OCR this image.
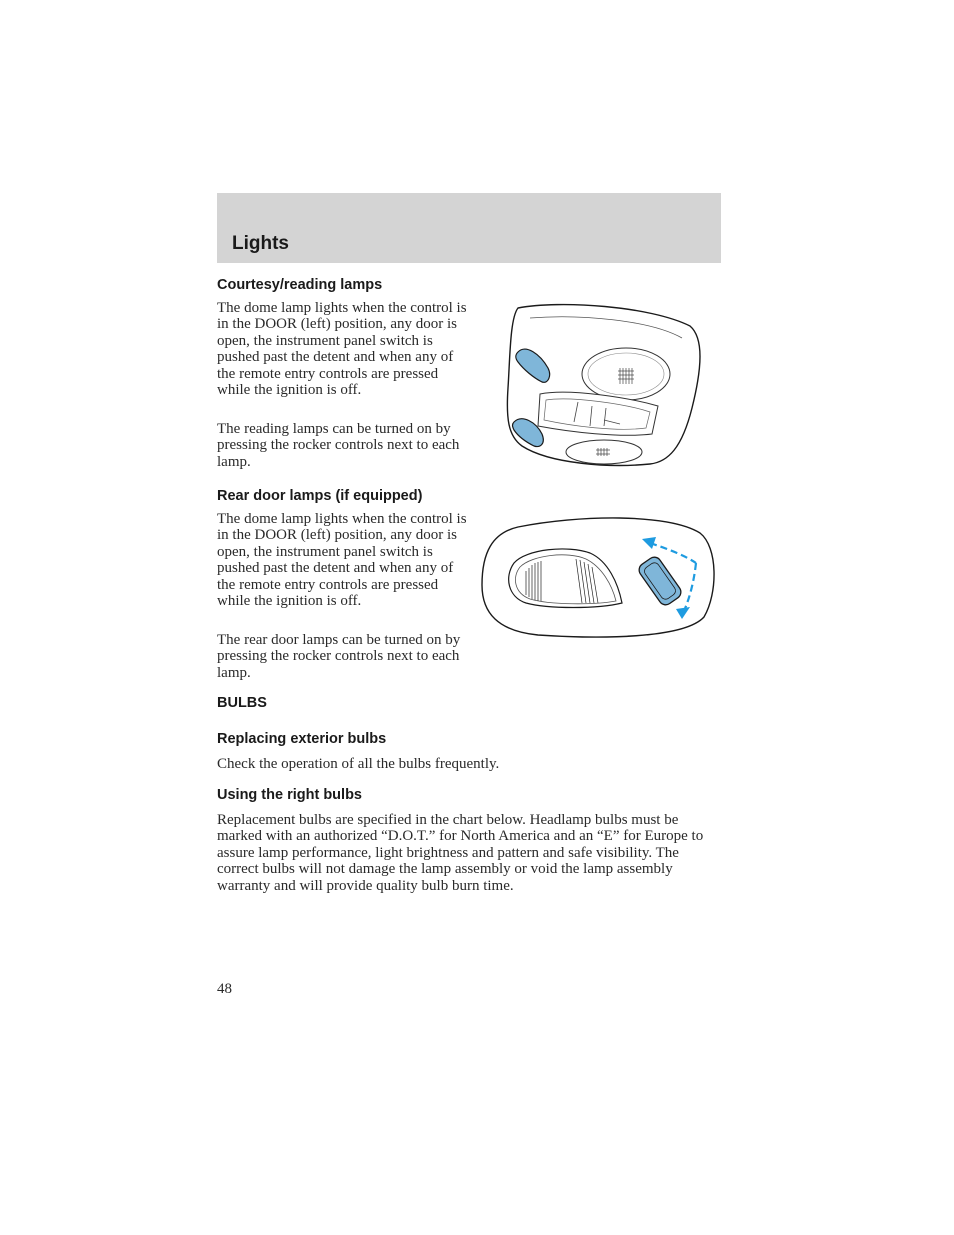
Lights
Courtesy/reading lamps

The dome lamp lights when the control is in the DOOR (left) position, any door is open, the instrument panel switch is pushed past the detent and when any of the remote entry controls are pressed while the ignition is off.

The reading lamps can be turned on by pressing the rocker controls next to each lamp.

Rear door lamps (if equipped)

The dome lamp lights when the control is in the DOOR (left) position, any door is open, the instrument panel switch is pushed past the detent and when any of the remote entry controls are pressed while the ignition is off.

The rear door lamps can be turned on by pressing the rocker controls next to each lamp.

BULBS
Replacing exterior bulbs

Check the operation of all the bulbs frequently.

Using the right bulbs

Replacement bulbs are specified in the chart below. Headlamp bulbs must be marked with an authorized “D.O.T.” for North America and an “E” for Europe to assure lamp performance, light brightness and pattern and safe visibility. The correct bulbs will not damage the lamp assembly or void the lamp assembly warranty and will provide quality bulb burn time.

48
